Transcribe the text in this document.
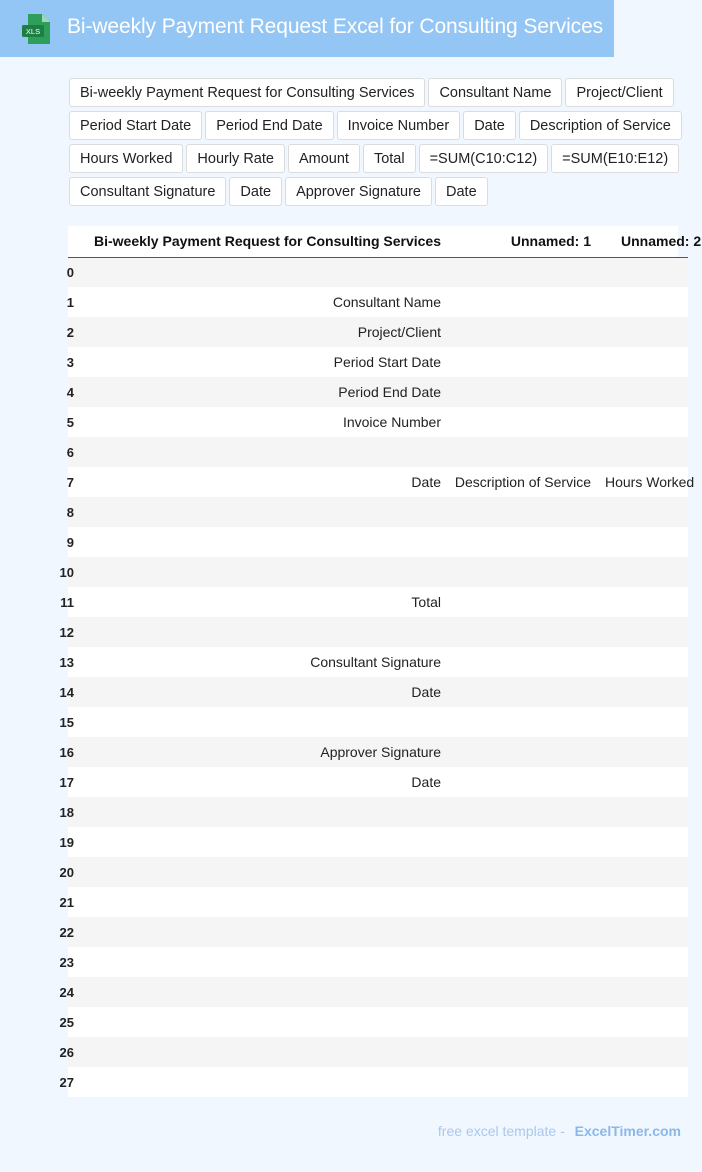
XLS Bi-weekly Payment Request Excel for Consulting Services
Bi-weekly Payment Request for Consulting Services	Consultant Name	Project/Client
Period Start Date	Period End Date	Invoice Number	Date	Description of Service
Hours Worked	Hourly Rate	Amount	Total	=SUM(C10:C12)	=SUM(E10:E12)
Consultant Signature	Date	Approver Signature	Date
	Bi-weekly Payment Request for Consulting Services	Unnamed: 1	Unnamed: 2
0			
1	Consultant Name		
2	Project/Client		
3	Period Start Date		
4	Period End Date		
5	Invoice Number		
6			
7	Date	Description of Service	Hours Worked
8			
9			
10			
11	Total		
12			
13	Consultant Signature		
14	Date		
15			
16	Approver Signature		
17	Date		
18			
19			
20			
21			
22			
23			
24			
25			
26			
27			
free excel template - ExcelTimer.com
